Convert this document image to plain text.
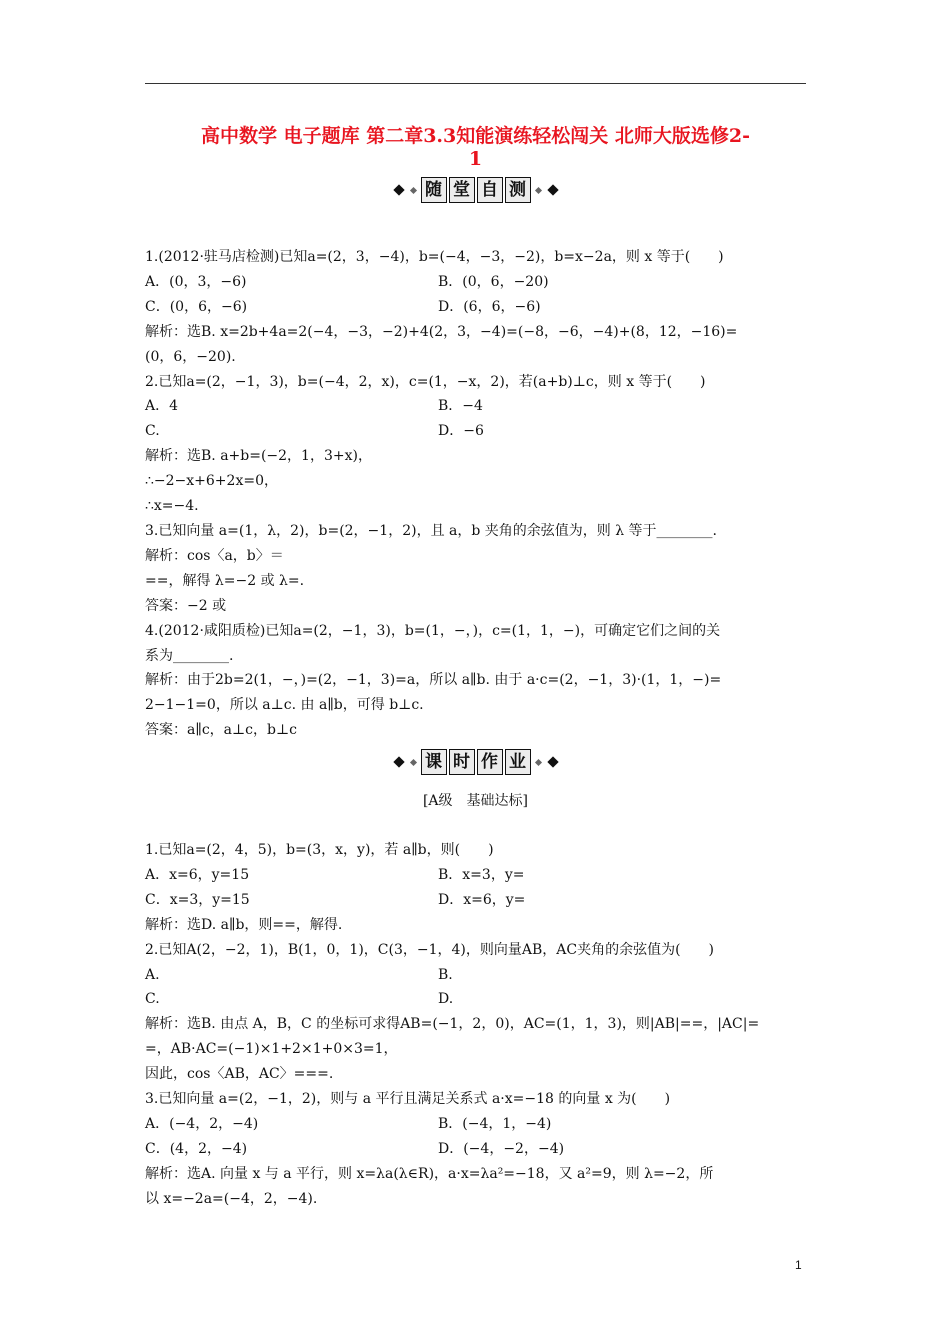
高中数学 电子题库 第二章3.3知能演练轻松闯关 北师大版选修2-
1
随 堂 自 测

1.(2012·驻马店检测)已知a=(2，3，−4)，b=(−4，−3，−2)，b=x−2a，则 x 等于(　　)

A．(0，3，−6)	B．(0，6，−20)
C．(0，6，−6)	D．(6，6，−6)

解析：选B. x=2b+4a=2(−4，−3，−2)+4(2，3，−4)=(−8，−6，−4)+(8，12，−16)=

(0，6，−20).

2.已知a=(2，−1，3)，b=(−4，2，x)，c=(1，−x，2)，若(a+b)⊥c，则 x 等于(　　)

A．4	B．−4
C.	D．−6

解析：选B. a+b=(−2，1，3+x)，

∴−2−x+6+2x=0，

∴x=−4.

3.已知向量 a=(1，λ，2)，b=(2，−1，2)，且 a，b 夹角的余弦值为，则 λ 等于________.

解析：cos〈a，b〉＝

==，解得 λ=−2 或 λ=.

答案：−2 或

4.(2012·咸阳质检)已知a=(2，−1，3)，b=(1，−，)，c=(1，1，−)，可确定它们之间的关

系为________.

解析：由于2b=2(1，−，)=(2，−1，3)=a，所以 a∥b. 由于 a·c=(2，−1，3)·(1，1，−)=

2−1−1=0，所以 a⊥c. 由 a∥b，可得 b⊥c.

答案：a∥c，a⊥c，b⊥c

[A级　基础达标]

1.已知a=(2，4，5)，b=(3，x，y)，若 a∥b，则(　　)

A．x=6，y=15	B．x=3，y=
C．x=3，y=15	D．x=6，y=

解析：选D. a∥b，则==，解得.

2.已知A(2，−2，1)，B(1，0，1)，C(3，−1，4)，则向量AB，AC夹角的余弦值为(　　)

A.	B.
C.	D.

解析：选B. 由点 A，B，C 的坐标可求得AB=(−1，2，0)，AC=(1，1，3)，则|AB|==，|AC|=

=，AB·AC=(−1)×1+2×1+0×3=1，

因此，cos〈AB，AC〉===.

3.已知向量 a=(2，−1，2)，则与 a 平行且满足关系式 a·x=−18 的向量 x 为(　　)

A．(−4，2，−4)	B．(−4，1，−4)
C．(4，2，−4)	D．(−4，−2，−4)

解析：选A. 向量 x 与 a 平行，则 x=λa(λ∈R)，a·x=λa²=−18，又 a²=9，则 λ=−2，所

以 x=−2a=(−4，2，−4).

课 时 作 业
1
